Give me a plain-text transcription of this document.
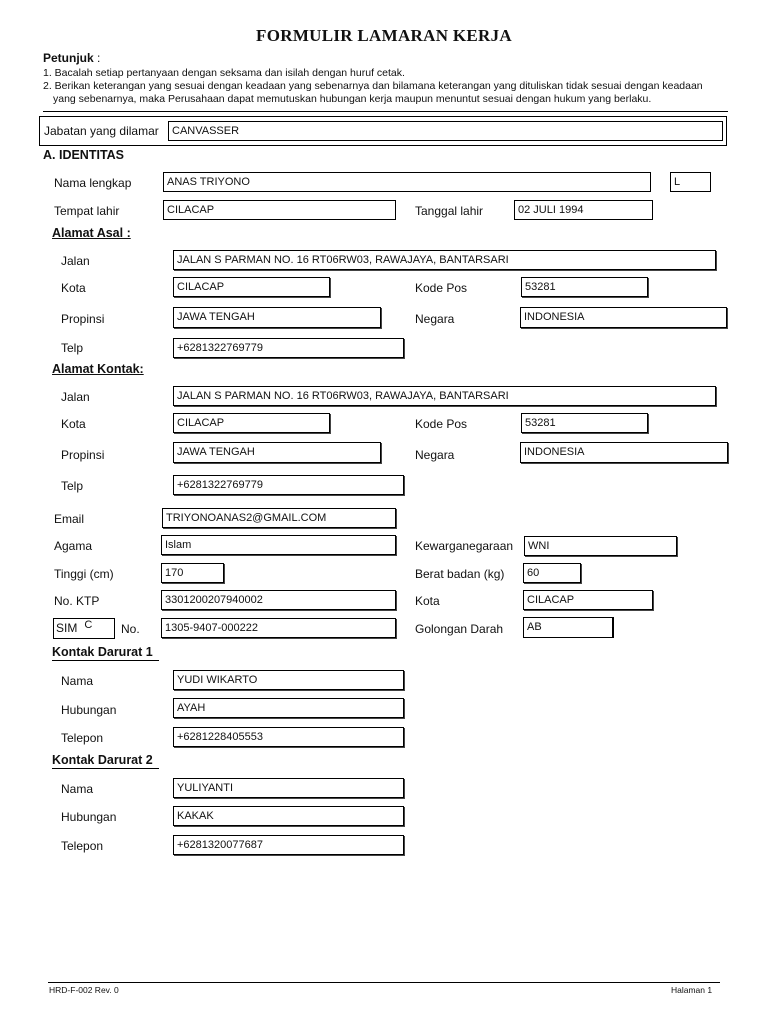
FORMULIR LAMARAN KERJA
Petunjuk :
1. Bacalah setiap pertanyaan dengan seksama dan isilah dengan huruf cetak.
2. Berikan keterangan yang sesuai dengan keadaan yang sebenarnya dan bilamana keterangan yang dituliskan tidak sesuai dengan keadaan
yang sebenarnya, maka Perusahaan dapat memutuskan hubungan kerja maupun menuntut sesuai dengan hukum yang berlaku.
Jabatan yang dilamar	CANVASSER
A. IDENTITAS
Nama lengkap	ANAS TRIYONO	L
Tempat lahir	CILACAP	Tanggal lahir	02 JULI 1994
Alamat Asal :
Jalan	JALAN S PARMAN NO. 16 RT06RW03, RAWAJAYA, BANTARSARI
Kota	CILACAP	Kode Pos	53281
Propinsi	JAWA TENGAH	Negara	INDONESIA
Telp	+6281322769779
Alamat Kontak:
Jalan	JALAN S PARMAN NO. 16 RT06RW03, RAWAJAYA, BANTARSARI
Kota	CILACAP	Kode Pos	53281
Propinsi	JAWA TENGAH	Negara	INDONESIA
Telp	+6281322769779
Email	TRIYONOANAS2@GMAIL.COM
Agama	Islam	Kewarganegaraan	WNI
Tinggi (cm)	170	Berat badan (kg)	60
No. KTP	3301200207940002	Kota	CILACAP
SIM C	No.	1305-9407-000222	Golongan Darah	AB
Kontak Darurat 1
Nama	YUDI WIKARTO
Hubungan	AYAH
Telepon	+6281228405553
Kontak Darurat 2
Nama	YULIYANTI
Hubungan	KAKAK
Telepon	+6281320077687
HRD-F-002 Rev. 0	Halaman 1
